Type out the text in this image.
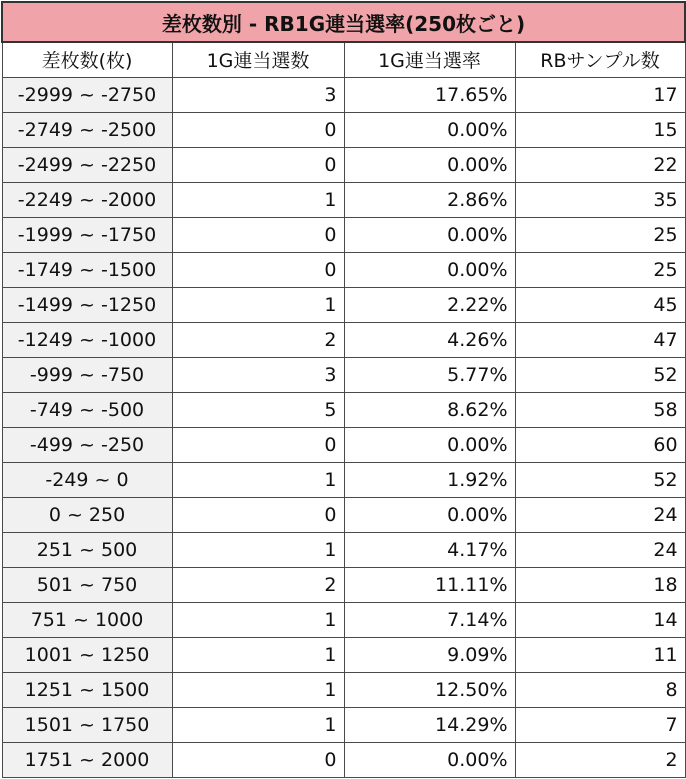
差枚数別 - RB1G連当選率(250枚ごと)			
差枚数(枚)	1G連当選数	1G連当選率	RBサンプル数
-2999 ~ -2750	3	17.65%	17
-2749 ~ -2500	0	0.00%	15
-2499 ~ -2250	0	0.00%	22
-2249 ~ -2000	1	2.86%	35
-1999 ~ -1750	0	0.00%	25
-1749 ~ -1500	0	0.00%	25
-1499 ~ -1250	1	2.22%	45
-1249 ~ -1000	2	4.26%	47
-999 ~ -750	3	5.77%	52
-749 ~ -500	5	8.62%	58
-499 ~ -250	0	0.00%	60
-249 ~ 0	1	1.92%	52
0 ~ 250	0	0.00%	24
251 ~ 500	1	4.17%	24
501 ~ 750	2	11.11%	18
751 ~ 1000	1	7.14%	14
1001 ~ 1250	1	9.09%	11
1251 ~ 1500	1	12.50%	8
1501 ~ 1750	1	14.29%	7
1751 ~ 2000	0	0.00%	2
